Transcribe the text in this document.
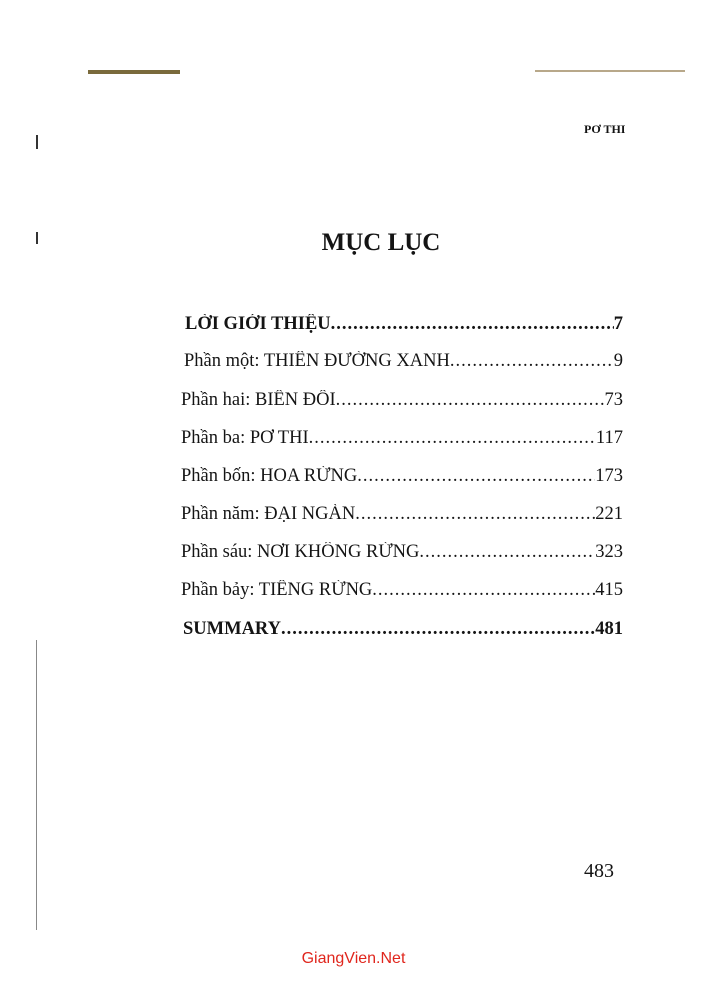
PƠ THI
MỤC LỤC
LỜI GIỚI THIỆU .....	7
Phần một: THIÊN ĐƯỜNG XANH .....	9
Phần hai: BIẾN ĐỔI .....	73
Phần ba: PƠ THI .....	117
Phần bốn: HOA RỪNG .....	173
Phần năm: ĐẠI NGÀN .....	221
Phần sáu: NƠI KHÔNG RỪNG .....	323
Phần bảy: TIẾNG RỪNG .....	415
SUMMARY .....	481
483
GiangVien.Net
